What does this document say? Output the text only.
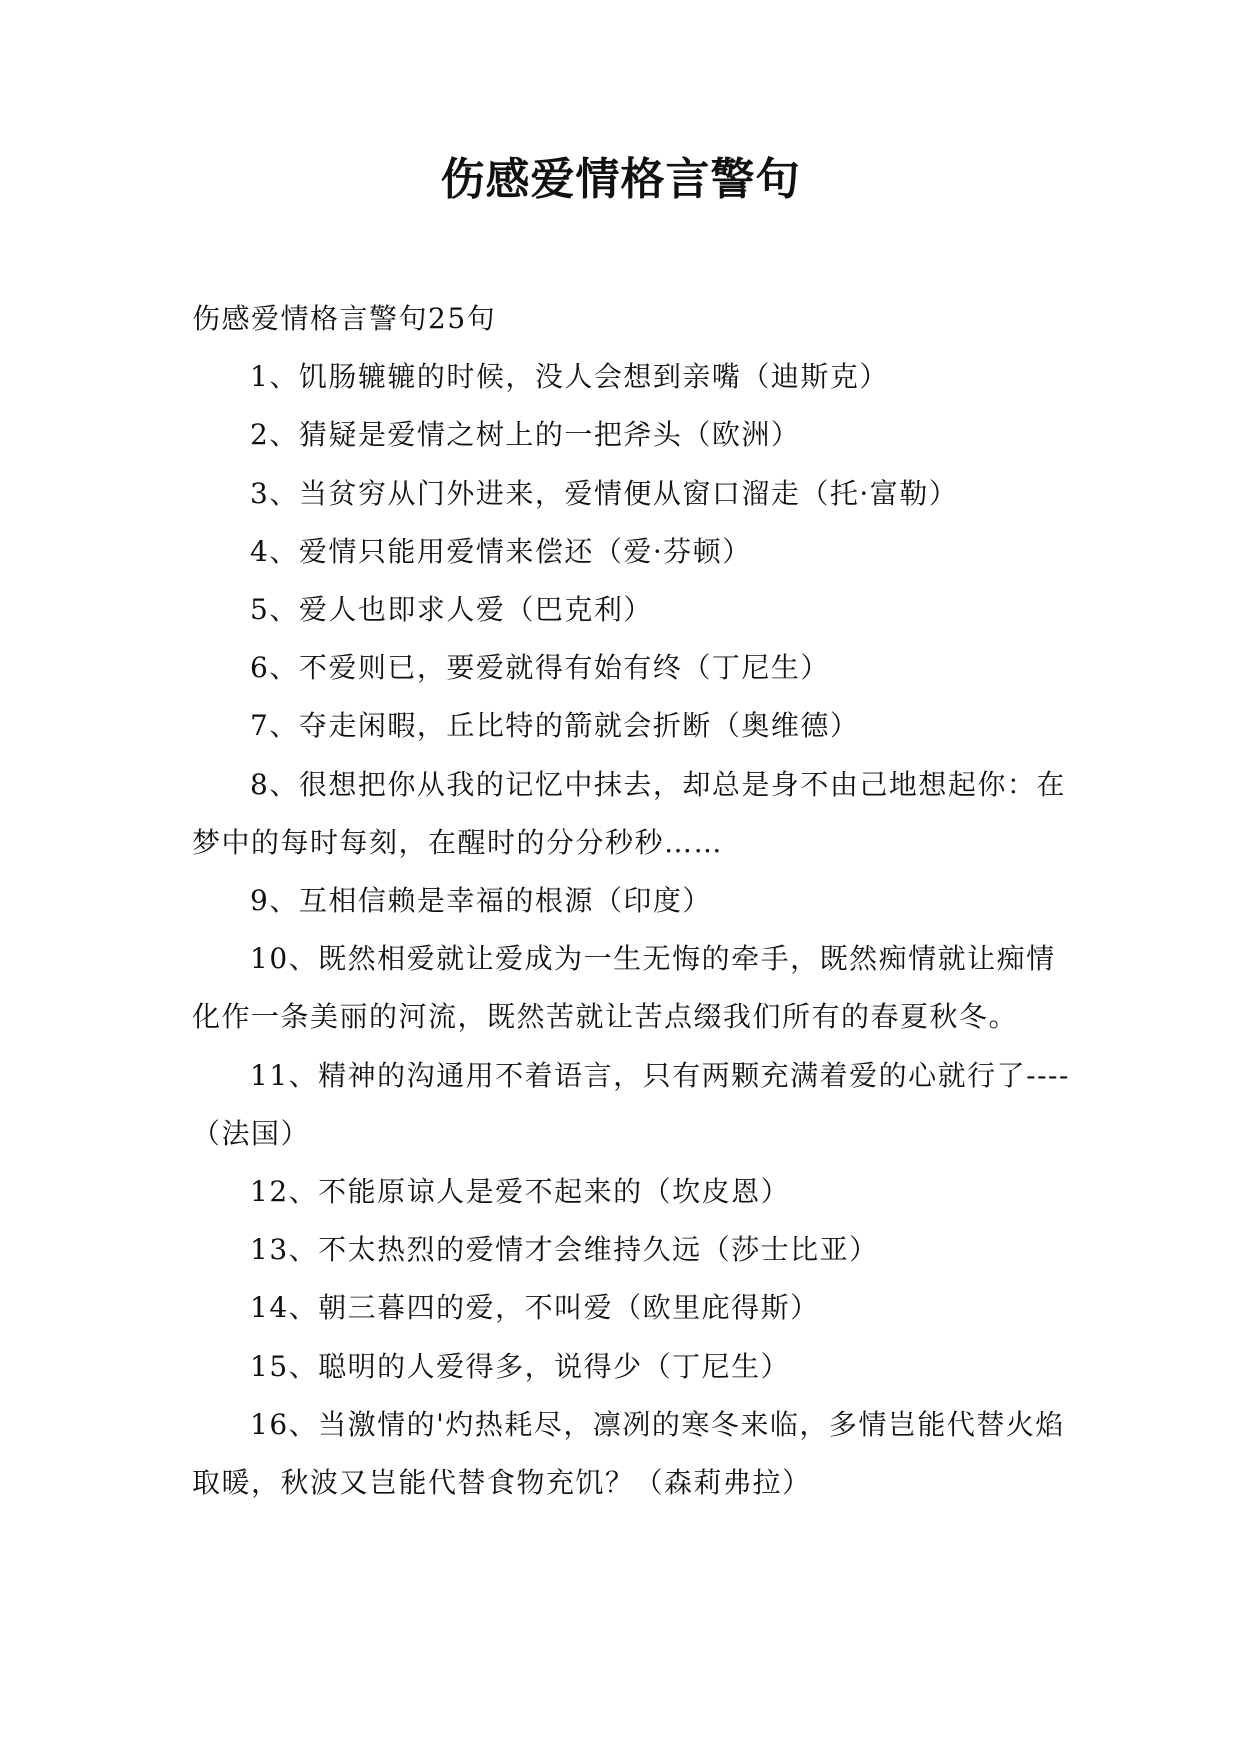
伤感爱情格言警句

伤感爱情格言警句25句

1、饥肠辘辘的时候，没人会想到亲嘴（迪斯克）

2、猜疑是爱情之树上的一把斧头（欧洲）

3、当贫穷从门外进来，爱情便从窗口溜走（托·富勒）

4、爱情只能用爱情来偿还（爱·芬顿）

5、爱人也即求人爱（巴克利）

6、不爱则已，要爱就得有始有终（丁尼生）

7、夺走闲暇，丘比特的箭就会折断（奥维德）

8、很想把你从我的记忆中抹去，却总是身不由己地想起你：在梦中的每时每刻，在醒时的分分秒秒……

9、互相信赖是幸福的根源（印度）

10、既然相爱就让爱成为一生无悔的牵手，既然痴情就让痴情化作一条美丽的河流，既然苦就让苦点缀我们所有的春夏秋冬。

11、精神的沟通用不着语言，只有两颗充满着爱的心就行了----（法国）

12、不能原谅人是爱不起来的（坎皮恩）

13、不太热烈的爱情才会维持久远（莎士比亚）

14、朝三暮四的爱，不叫爱（欧里庇得斯）

15、聪明的人爱得多，说得少（丁尼生）

16、当激情的'灼热耗尽，凛冽的寒冬来临，多情岂能代替火焰取暖，秋波又岂能代替食物充饥？（森莉弗拉）
